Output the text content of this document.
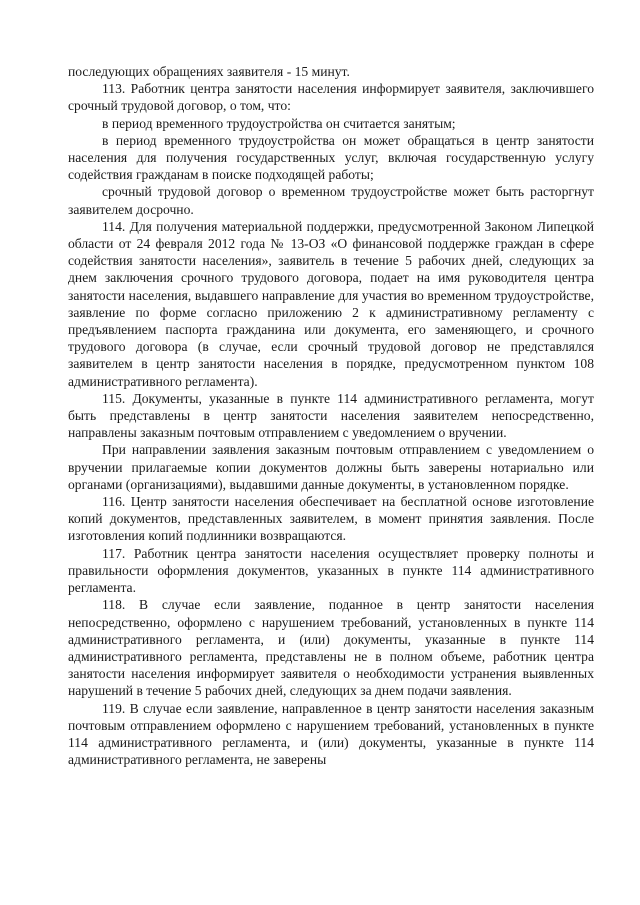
последующих обращениях заявителя - 15 минут.

113. Работник центра занятости населения информирует заявителя, заключившего срочный трудовой договор, о том, что:

в период временного трудоустройства он считается занятым;

в период временного трудоустройства он может обращаться в центр занятости населения для получения государственных услуг, включая государственную услугу содействия гражданам в поиске подходящей работы;

срочный трудовой договор о временном трудоустройстве может быть расторгнут заявителем досрочно.

114. Для получения материальной поддержки, предусмотренной Законом Липецкой области от 24 февраля 2012 года № 13-ОЗ «О финансовой поддержке граждан в сфере содействия занятости населения», заявитель в течение 5 рабочих дней, следующих за днем заключения срочного трудового договора, подает на имя руководителя центра занятости населения, выдавшего направление для участия во временном трудоустройстве, заявление по форме согласно приложению 2 к административному регламенту с предъявлением паспорта гражданина или документа, его заменяющего, и срочного трудового договора (в случае, если срочный трудовой договор не представлялся заявителем в центр занятости населения в порядке, предусмотренном пунктом 108 административного регламента).

115. Документы, указанные в пункте 114 административного регламента, могут быть представлены в центр занятости населения заявителем непосредственно, направлены заказным почтовым отправлением с уведомлением о вручении.

При направлении заявления заказным почтовым отправлением с уведомлением о вручении прилагаемые копии документов должны быть заверены нотариально или органами (организациями), выдавшими данные документы, в установленном порядке.

116. Центр занятости населения обеспечивает на бесплатной основе изготовление копий документов, представленных заявителем, в момент принятия заявления. После изготовления копий подлинники возвращаются.

117. Работник центра занятости населения осуществляет проверку полноты и правильности оформления документов, указанных в пункте 114 административного регламента.

118. В случае если заявление, поданное в центр занятости населения непосредственно, оформлено с нарушением требований, установленных в пункте 114 административного регламента, и (или) документы, указанные в пункте 114 административного регламента, представлены не в полном объеме, работник центра занятости населения информирует заявителя о необходимости устранения выявленных нарушений в течение 5 рабочих дней, следующих за днем подачи заявления.

119. В случае если заявление, направленное в центр занятости населения заказным почтовым отправлением оформлено с нарушением требований, установленных в пункте 114 административного регламента, и (или) документы, указанные в пункте 114 административного регламента, не заверены
